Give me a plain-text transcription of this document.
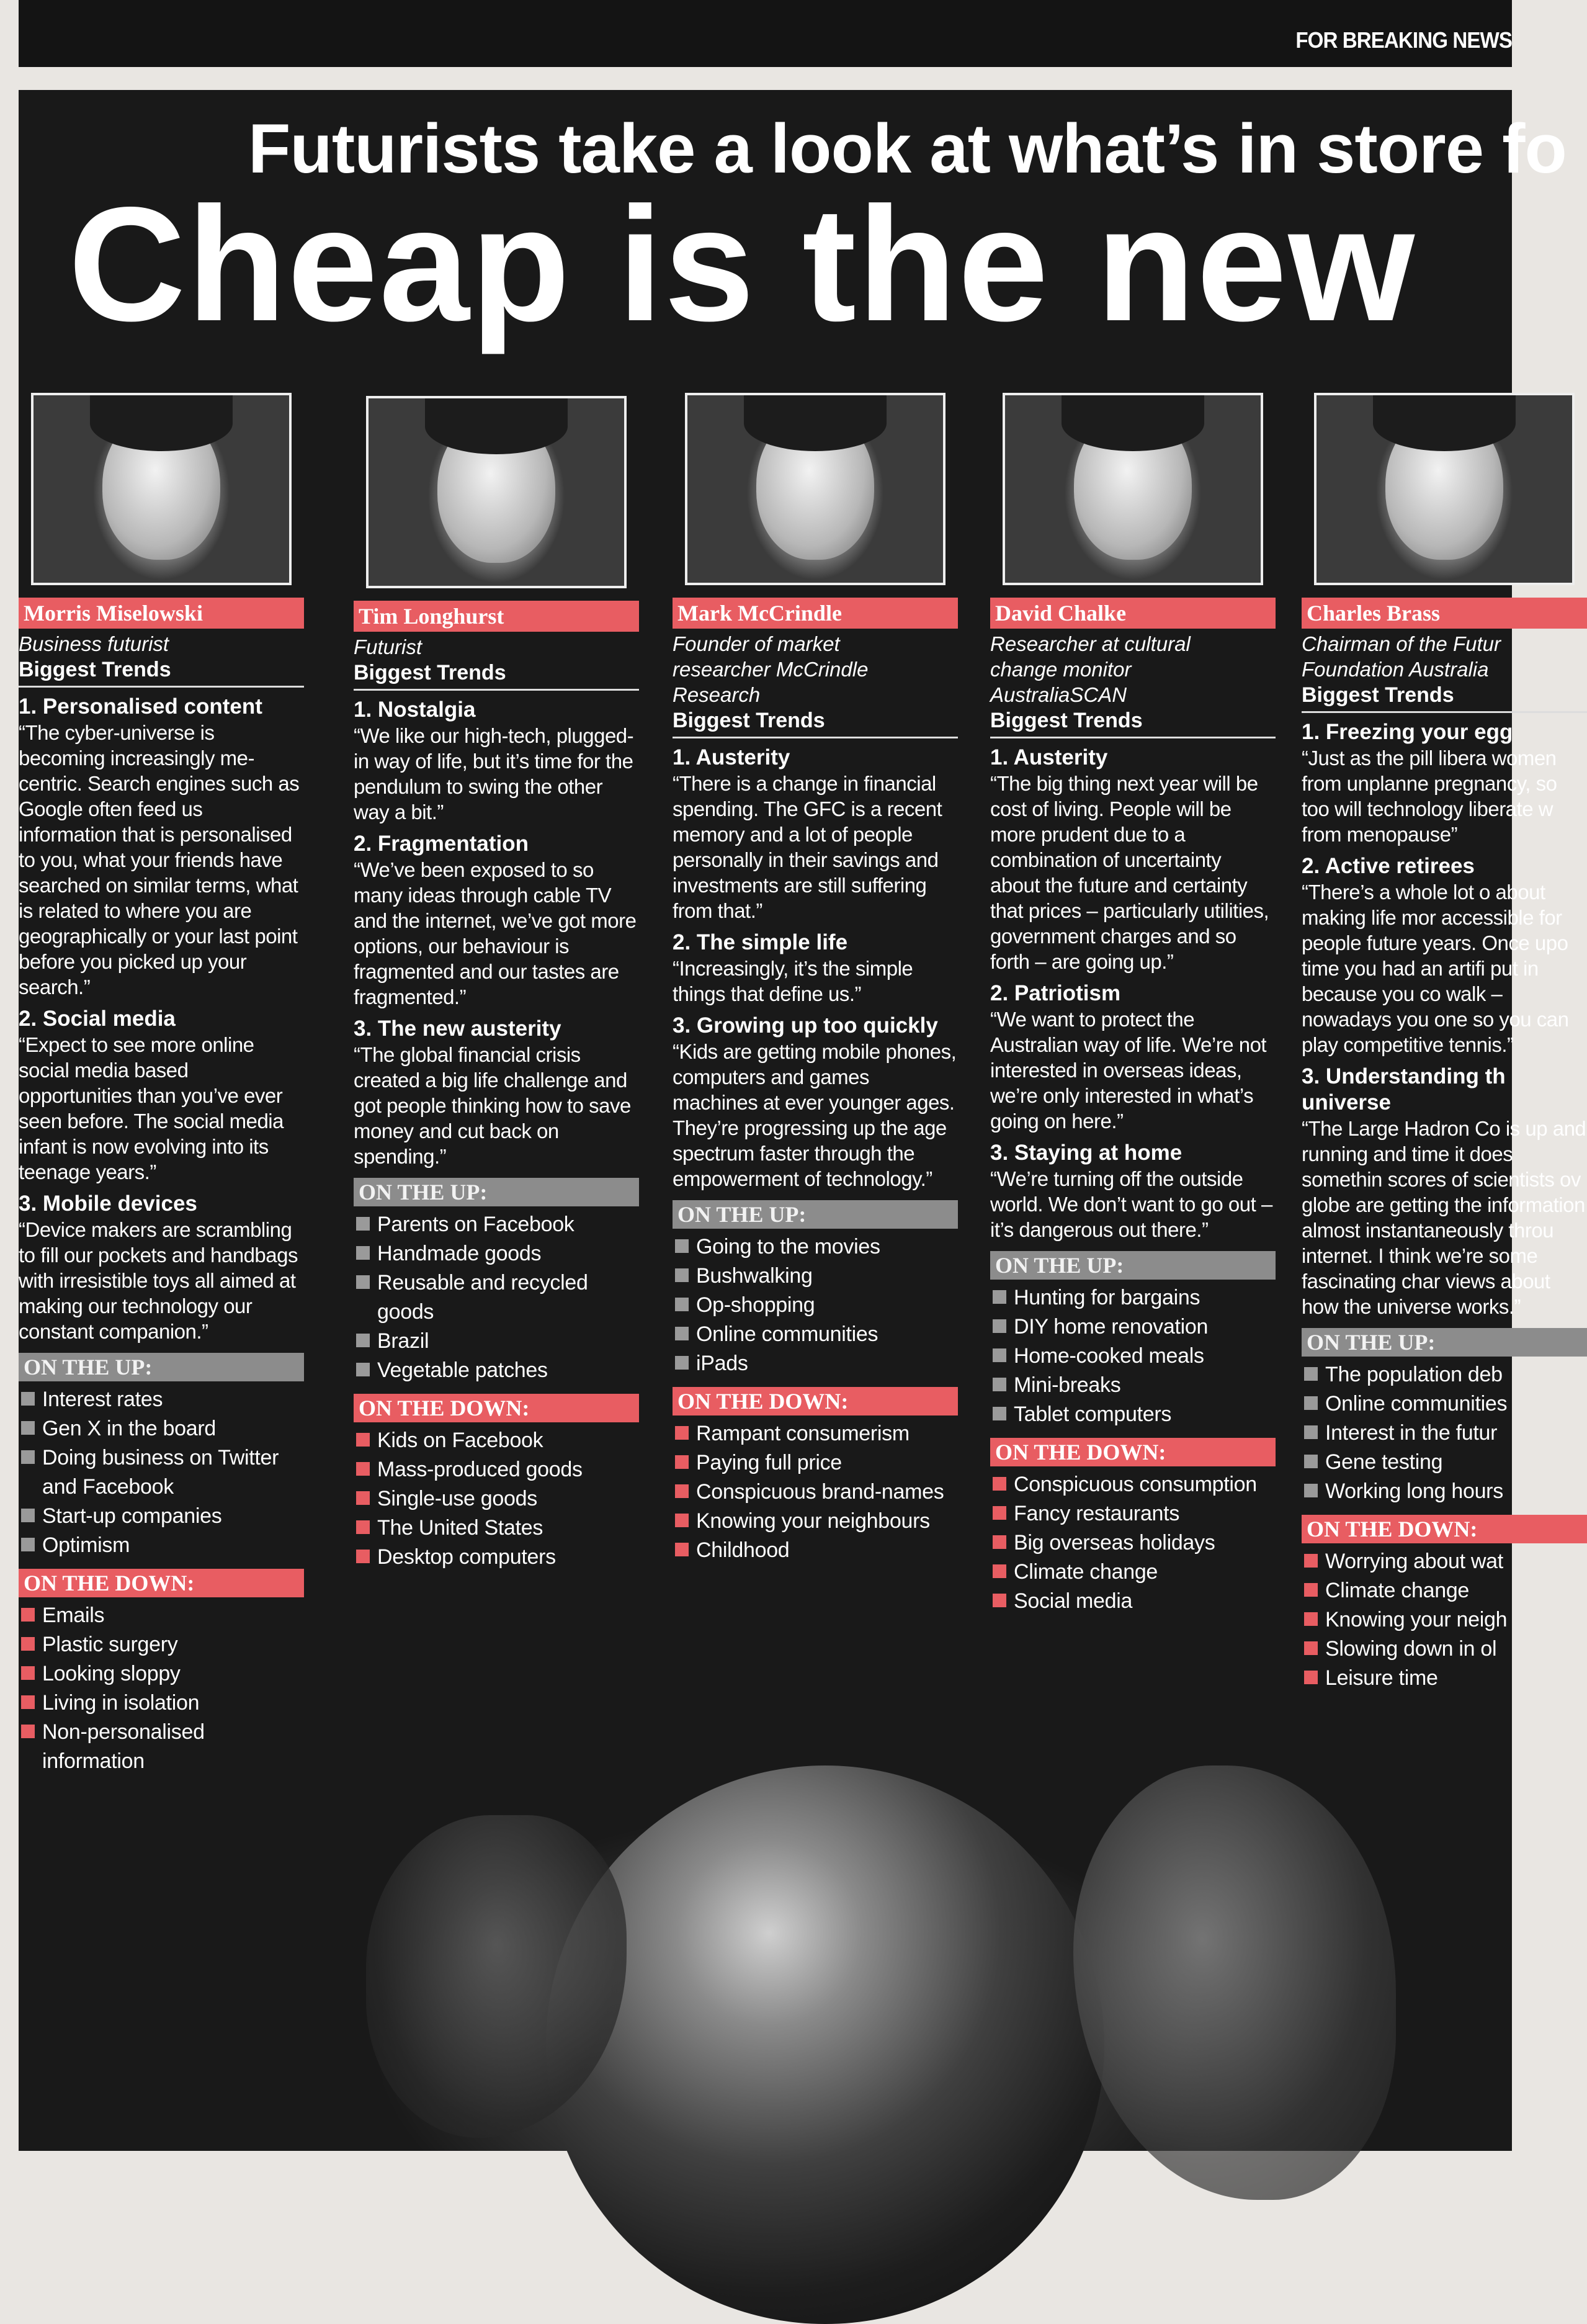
FOR BREAKING NEWS
Futurists take a look at what’s in store fo
Cheap is the new
Morris Miselowski
Business futurist
Biggest Trends
1. Personalised content

“The cyber-universe is becoming increasingly me-centric. Search engines such as Google often feed us information that is personalised to you, what your friends have searched on similar terms, what is related to where you are geographically or your last point before you picked up your search.”

2. Social media

“Expect to see more online social media based opportunities than you’ve ever seen before. The social media infant is now evolving into its teenage years.”

3. Mobile devices

“Device makers are scrambling to fill our pockets and handbags with irresistible toys all aimed at making our technology our constant companion.”

ON THE UP:
Interest rates
Gen X in the board
Doing business on Twitter and Facebook
Start-up companies
Optimism
ON THE DOWN:
Emails
Plastic surgery
Looking sloppy
Living in isolation
Non-personalised information
Tim Longhurst
Futurist
Biggest Trends
1. Nostalgia

“We like our high-tech, plugged-in way of life, but it’s time for the pendulum to swing the other way a bit.”

2. Fragmentation

“We’ve been exposed to so many ideas through cable TV and the internet, we’ve got more options, our behaviour is fragmented and our tastes are fragmented.”

3. The new austerity

“The global financial crisis created a big life challenge and got people thinking how to save money and cut back on spending.”

ON THE UP:
Parents on Facebook
Handmade goods
Reusable and recycled goods
Brazil
Vegetable patches
ON THE DOWN:
Kids on Facebook
Mass-produced goods
Single-use goods
The United States
Desktop computers
Mark McCrindle
Founder of market
researcher McCrindle
Research
Biggest Trends
1. Austerity

“There is a change in financial spending. The GFC is a recent memory and a lot of people personally in their savings and investments are still suffering from that.”

2. The simple life

“Increasingly, it’s the simple things that define us.”

3. Growing up too quickly

“Kids are getting mobile phones, computers and games machines at ever younger ages. They’re progressing up the age spectrum faster through the empowerment of technology.”

ON THE UP:
Going to the movies
Bushwalking
Op-shopping
Online communities
iPads
ON THE DOWN:
Rampant consumerism
Paying full price
Conspicuous brand-names
Knowing your neighbours
Childhood
David Chalke
Researcher at cultural
change monitor
AustraliaSCAN
Biggest Trends
1. Austerity

“The big thing next year will be cost of living. People will be more prudent due to a combination of uncertainty about the future and certainty that prices – particularly utilities, government charges and so forth – are going up.”

2. Patriotism

“We want to protect the Australian way of life. We’re not interested in overseas ideas, we’re only interested in what’s going on here.”

3. Staying at home

“We’re turning off the outside world. We don’t want to go out – it’s dangerous out there.”

ON THE UP:
Hunting for bargains
DIY home renovation
Home-cooked meals
Mini-breaks
Tablet computers
ON THE DOWN:
Conspicuous consumption
Fancy restaurants
Big overseas holidays
Climate change
Social media
Charles Brass
Chairman of the Futur
Foundation Australia
Biggest Trends
1. Freezing your egg

“Just as the pill libera women from unplanne pregnancy, so too will technology liberate w from menopause”

2. Active retirees

“There’s a whole lot o about making life mor accessible for people future years. Once upo time you had an artifi put in because you co walk – nowadays you one so you can play competitive tennis.”

3. Understanding th universe

“The Large Hadron Co is up and running and time it does somethin scores of scientists ov globe are getting the information almost instantaneously throu internet. I think we’re some fascinating char views about how the universe works.”

ON THE UP:
The population deb
Online communities
Interest in the futur
Gene testing
Working long hours
ON THE DOWN:
Worrying about wat
Climate change
Knowing your neigh
Slowing down in ol
Leisure time
